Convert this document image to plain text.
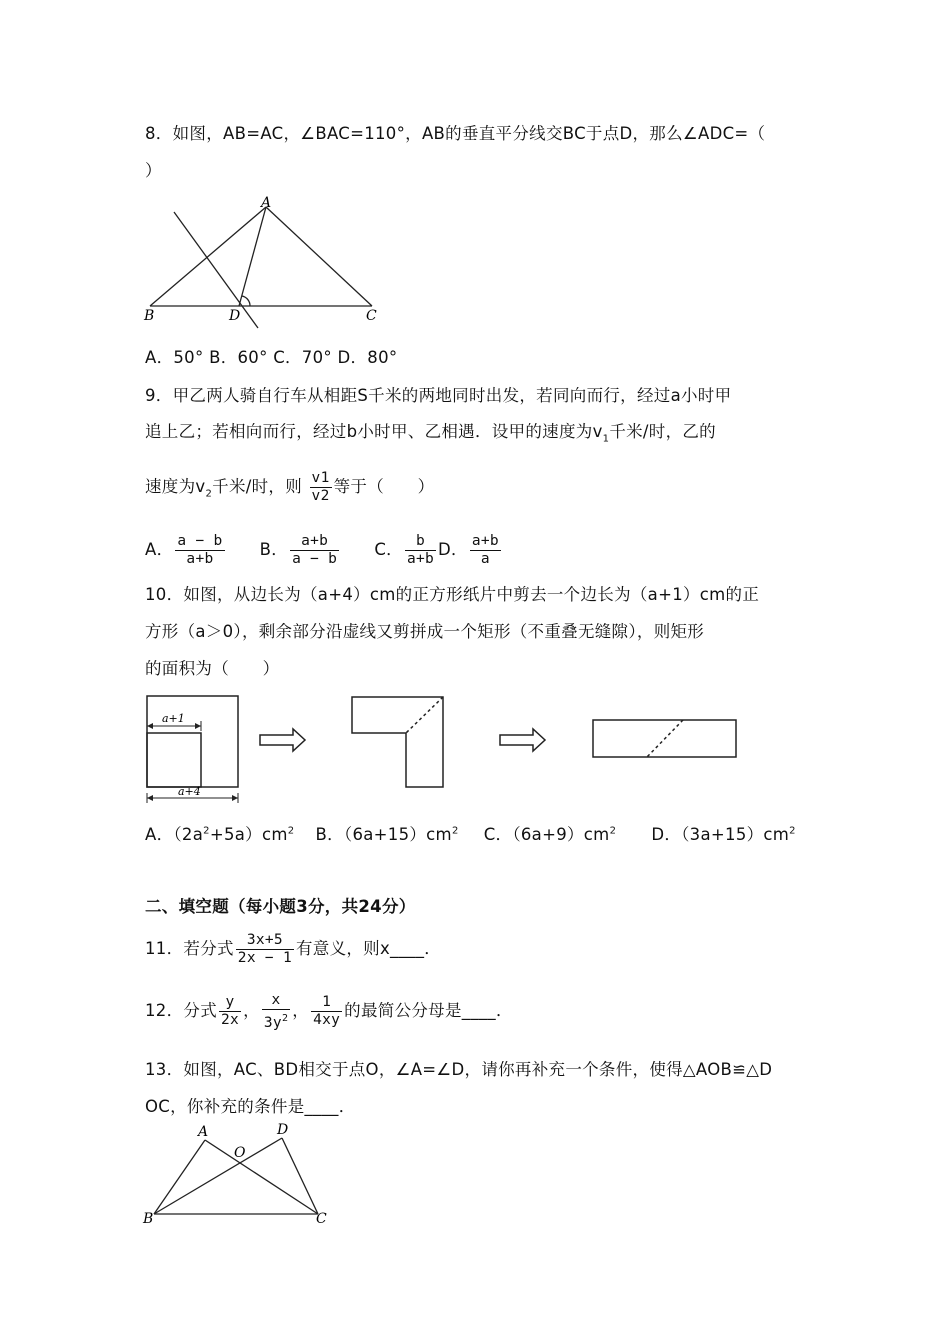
8．如图，AB=AC，∠BAC=110°，AB的垂直平分线交BC于点D，那么∠ADC=（
）
A
B	D	C
A．50° B．60° C．70° D．80°
9．甲乙两人骑自行车从相距S千米的两地同时出发，若同向而行，经过a小时甲
追上乙；若相向而行，经过b小时甲、乙相遇．设甲的速度为$v_1$千米/时，乙的
速度为$v_2$千米/时，则 $\frac{v1}{v2}$ 等于（　　）
A． $\frac{a - b}{a+b}$ B． $\frac{a+b}{a - b}$ C． $\frac{b}{a+b}$ D． $\frac{a+b}{a}$
10．如图，从边长为（a+4）cm的正方形纸片中剪去一个边长为（a+1）cm的正
方形（a＞0），剩余部分沿虚线又剪拼成一个矩形（不重叠无缝隙），则矩形
的面积为（　　）
a+1
a+4
A．$(2a^2+5a)cm^2$ B．$(6a+15)cm^2$ C．$(6a+9)cm^2$ D．$(3a+15)cm^2$
二、填空题（每小题3分，共24分）
11．若分式 $\frac{3x+5}{2x - 1}$ 有意义，则x____．
12．分式 $\frac{y}{2x}$ ， $\frac{x}{3y^2}$ ， $\frac{1}{4xy}$ 的最简公分母是____．
13．如图，AC、BD相交于点O，∠A=∠D，请你再补充一个条件，使得△AOB≌△D
OC，你补充的条件是____．
A	D
O
B	C
